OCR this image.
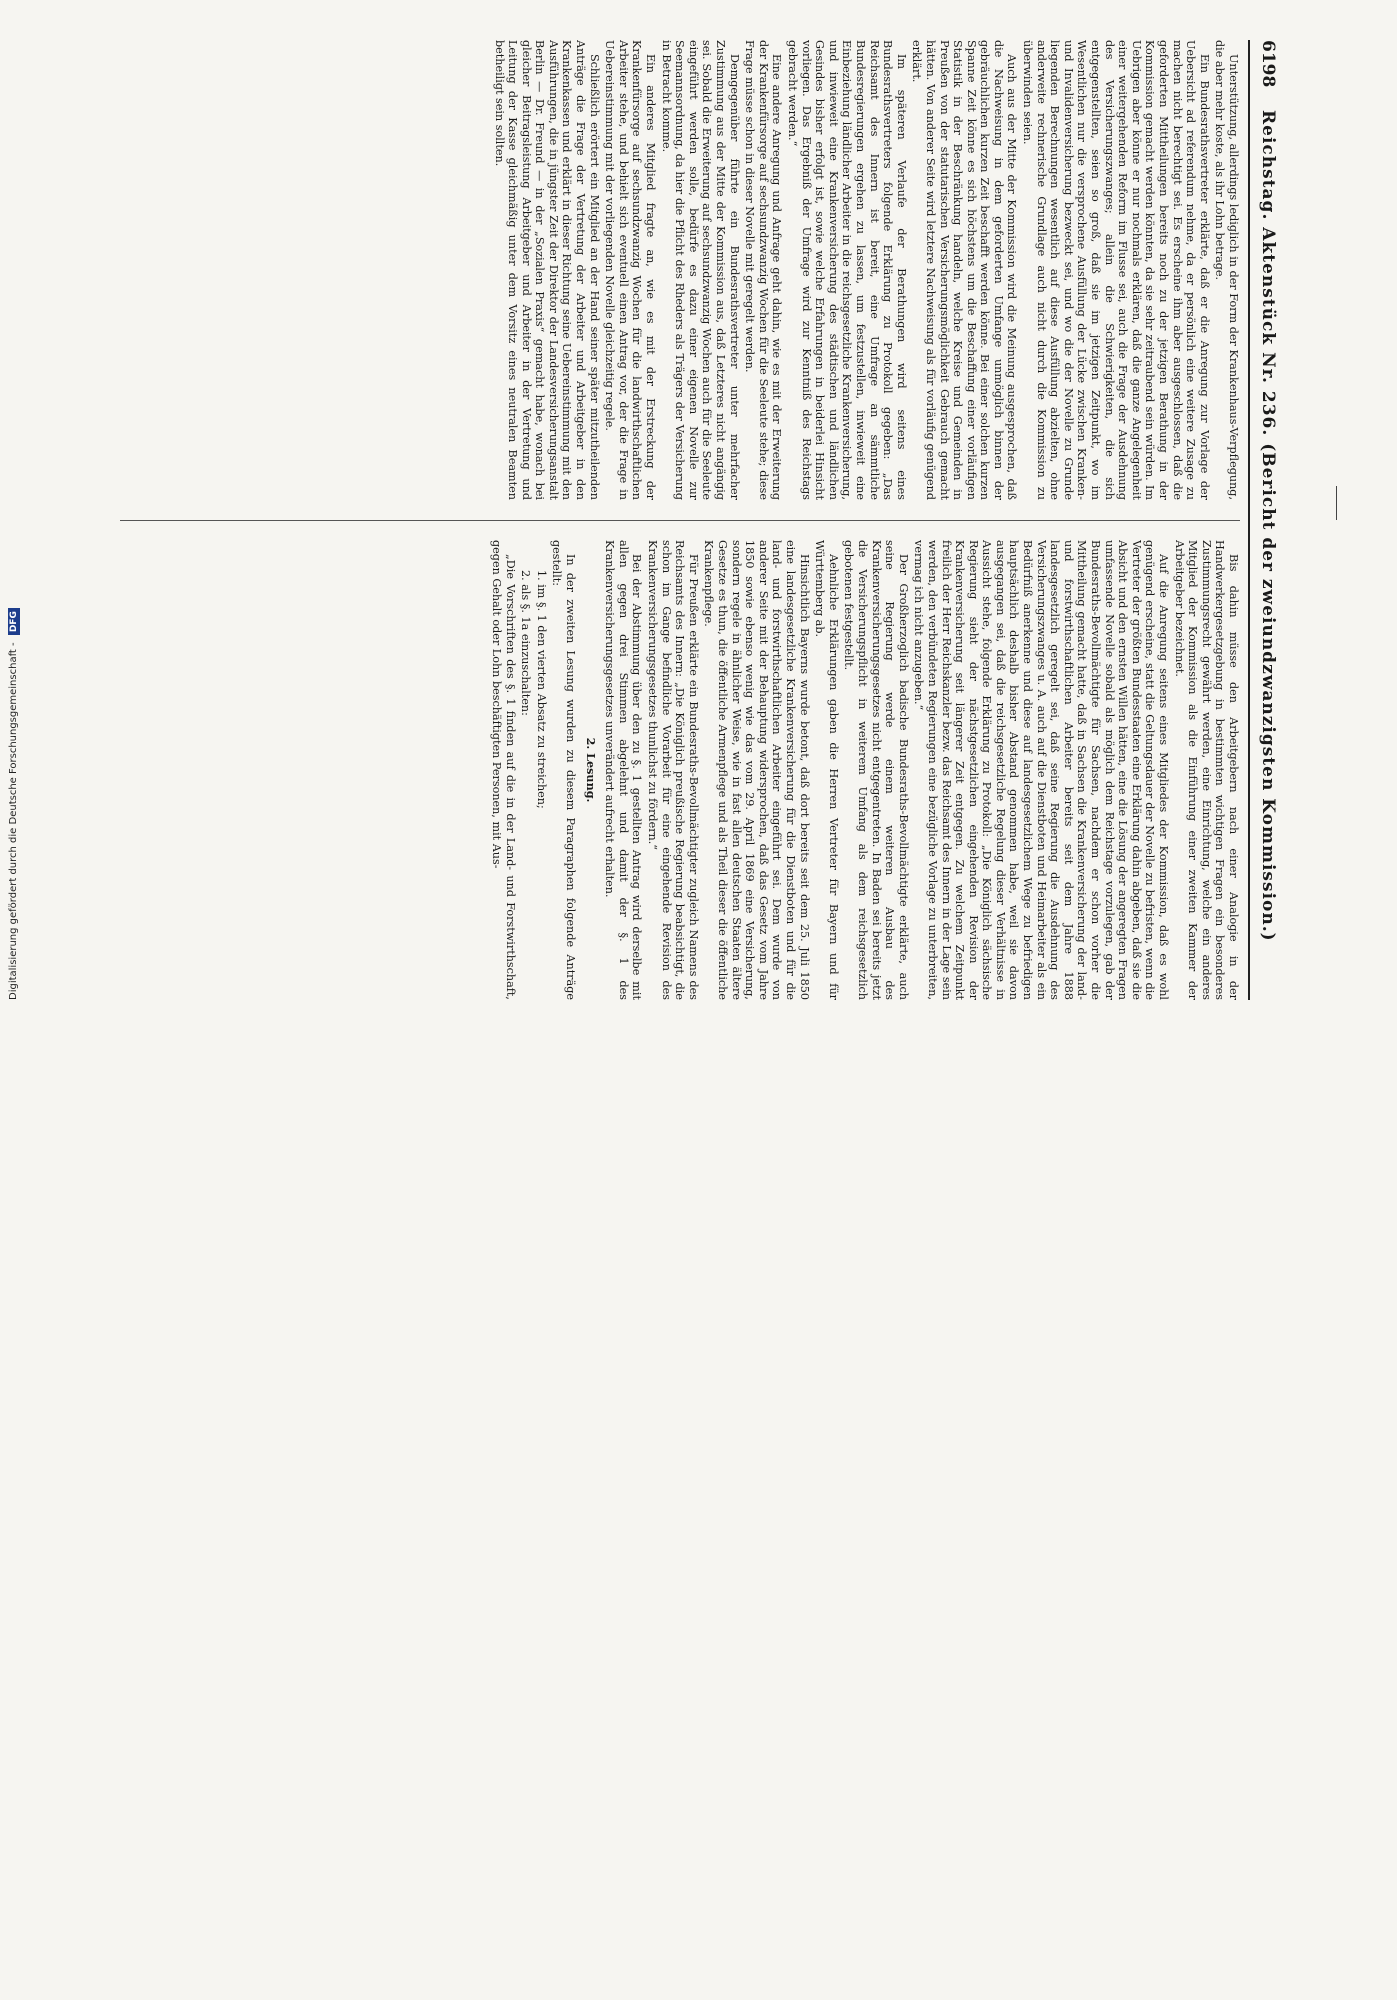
6198
Reichstag. Aktenstück Nr. 236. (Bericht der zweiundzwanzigsten Kommission.)

Unterstützung, allerdings lediglich in der Form der Krankenhaus-Verpflegung, die aber mehr koste, als ihr Lohn betrage.

Ein Bundesrathsvertreter erklärte, daß er die Anregung zur Vorlage der Uebersicht ad referendum nehme, da er persönlich eine weitere Zusage zu machen nicht berechtigt sei. Es erscheine ihm aber ausgeschlossen, daß die geforderten Mittheilungen bereits noch zu der jetzigen Berathung in der Kommission gemacht werden könnten, da sie sehr zeitraubend sein würden. Im Uebrigen aber könne er nur nochmals erklären, daß die ganze Angelegenheit einer weitergehenden Reform im Flusse sei, auch die Frage der Ausdehnung des Versicherungszwanges; allein die Schwierigkeiten, die sich entgegenstellten, seien so groß, daß sie im jetzigen Zeitpunkt, wo im Wesentlichen nur die versprochene Ausfüllung der Lücke zwischen Kranken- und Invalidenversicherung bezweckt sei, und wo die der Novelle zu Grunde liegenden Berechnungen wesentlich auf diese Ausfüllung abzielten, ohne anderweite rechnerische Grundlage auch nicht durch die Kommission zu überwinden seien.

Auch aus der Mitte der Kommission wird die Meinung ausgesprochen, daß die Nachweisung in dem geforderten Umfange unmöglich binnen der gebräuchlichen kurzen Zeit beschafft werden könne. Bei einer solchen kurzen Spanne Zeit könne es sich höchstens um die Beschaffung einer vorläufigen Statistik in der Beschränkung handeln, welche Kreise und Gemeinden in Preußen von der statutarischen Versicherungsmöglichkeit Gebrauch gemacht hätten. Von anderer Seite wird letztere Nachweisung als für vorläufig genügend erklärt.

Im späteren Verlaufe der Berathungen wird seitens eines Bundesrathsvertreters folgende Erklärung zu Protokoll gegeben: „Das Reichsamt des Innern ist bereit, eine Umfrage an sämmtliche Bundesregierungen ergehen zu lassen, um festzustellen, inwieweit eine Einbeziehung ländlicher Arbeiter in die reichsgesetzliche Krankenversicherung, und inwieweit eine Krankenversicherung des städtischen und ländlichen Gesindes bisher erfolgt ist, sowie welche Erfahrungen in beiderlei Hinsicht vorliegen. Das Ergebniß der Umfrage wird zur Kenntniß des Reichstags gebracht werden.“

Eine andere Anregung und Anfrage geht dahin, wie es mit der Erweiterung der Krankenfürsorge auf sechsundzwanzig Wochen für die Seeleute stehe; diese Frage müsse schon in dieser Novelle mit geregelt werden.

Demgegenüber führte ein Bundesrathsvertreter unter mehrfacher Zustimmung aus der Mitte der Kommission aus, daß Letzteres nicht angängig sei. Sobald die Erweiterung auf sechsundzwanzig Wochen auch für die Seeleute eingeführt werden solle, bedürfe es dazu einer eigenen Novelle zur Seemannsordnung, da hier die Pflicht des Rheders als Trägers der Versicherung in Betracht komme.

Ein anderes Mitglied fragte an, wie es mit der Erstreckung der Krankenfürsorge auf sechsundzwanzig Wochen für die landwirthschaftlichen Arbeiter stehe, und behielt sich eventuell einen Antrag vor, der die Frage in Uebereinstimmung mit der vorliegenden Novelle gleichzeitig regele.

Schließlich erörtert ein Mitglied an der Hand seiner später mitzutheilenden Anträge die Frage der Vertretung der Arbeiter und Arbeitgeber in den Krankenkassen und erklärt in dieser Richtung seine Uebereinstimmung mit den Ausführungen, die in jüngster Zeit der Direktor der Landesversicherungsanstalt Berlin — Dr. Freund — in der „Sozialen Praxis“ gemacht habe, wonach bei gleicher Beitragsleistung Arbeitgeber und Arbeiter in der Vertretung und Leitung der Kasse gleichmäßig unter dem Vorsitz eines neutralen Beamten betheiligt sein sollten.

Bis dahin müsse den Arbeitgebern nach einer Analogie in der Handwerkergesetzgebung in bestimmten wichtigen Fragen ein besonderes Zustimmungsrecht gewährt werden, eine Einrichtung, welche ein anderes Mitglied der Kommission als die Einführung einer zweiten Kammer der Arbeitgeber bezeichnet.

Auf die Anregung seitens eines Mitgliedes der Kommission, daß es wohl genügend erscheine, statt die Geltungsdauer der Novelle zu befristen, wenn die Vertreter der größten Bundesstaaten eine Erklärung dahin abgeben, daß sie die Absicht und den ernsten Willen hätten, eine die Lösung der angeregten Fragen umfassende Novelle sobald als möglich dem Reichstage vorzulegen, gab der Bundesraths-Bevollmächtigte für Sachsen, nachdem er schon vorher die Mittheilung gemacht hatte, daß in Sachsen die Krankenversicherung der land- und forstwirthschaftlichen Arbeiter bereits seit dem Jahre 1888 landesgesetzlich geregelt sei, daß seine Regierung die Ausdehnung des Versicherungszwanges u. A. auch auf die Dienstboten und Heimarbeiter als ein Bedürfniß anerkenne und diese auf landesgesetzlichem Wege zu befriedigen hauptsächlich deshalb bisher Abstand genommen habe, weil sie davon ausgegangen sei, daß die reichsgesetzliche Regelung dieser Verhältnisse in Aussicht stehe, folgende Erklärung zu Protokoll: „Die Königlich sächsische Regierung sieht der nächstgesetzlichen eingehenden Revision der Krankenversicherung seit längerer Zeit entgegen. Zu welchem Zeitpunkt freilich der Herr Reichskanzler bezw. das Reichsamt des Innern in der Lage sein werden, den verbündeten Regierungen eine bezügliche Vorlage zu unterbreiten, vermag ich nicht anzugeben.“

Der Großherzoglich badische Bundesraths-Bevollmächtigte erklärte, auch seine Regierung werde einem weiteren Ausbau des Krankenversicherungsgesetzes nicht entgegentreten. In Baden sei bereits jetzt die Versicherungspflicht in weiterem Umfang als dem reichsgesetzlich gebotenen festgestellt.

Aehnliche Erklärungen gaben die Herren Vertreter für Bayern und für Württemberg ab.

Hinsichtlich Bayerns wurde betont, daß dort bereits seit dem 25. Juli 1850 eine landesgesetzliche Krankenversicherung für die Dienstboten und für die land- und forstwirthschaftlichen Arbeiter eingeführt sei. Dem wurde von anderer Seite mit der Behauptung widersprochen, daß das Gesetz vom Jahre 1850 sowie ebenso wenig wie das vom 29. April 1869 eine Versicherung, sondern regele in ähnlicher Weise, wie in fast allen deutschen Staaten ältere Gesetze es thun, die öffentliche Armenpflege und als Theil dieser die öffentliche Krankenpflege.

Für Preußen erklärte ein Bundesraths-Bevollmächtigter zugleich Namens des Reichsamts des Innern: „Die Königlich preußische Regierung beabsichtigt, die schon im Gange befindliche Vorarbeit für eine eingehende Revision des Krankenversicherungsgesetzes thunlichst zu fördern.“

Bei der Abstimmung über den zu §. 1 gestellten Antrag wird derselbe mit allen gegen drei Stimmen abgelehnt und damit der §. 1 des Krankenversicherungsgesetzes unverändert aufrecht erhalten.

2. Lesung.

In der zweiten Lesung wurden zu diesem Paragraphen folgende Anträge gestellt:

1. im §. 1 den vierten Absatz zu streichen;

2. als §. 1a einzuschalten:

„Die Vorschriften des §. 1 finden auf die in der Land- und Forstwirthschaft, gegen Gehalt oder Lohn beschäftigten Personen, mit Aus-

Digitalisierung gefördert durch die Deutsche Forschungsgemeinschaft - DFG
